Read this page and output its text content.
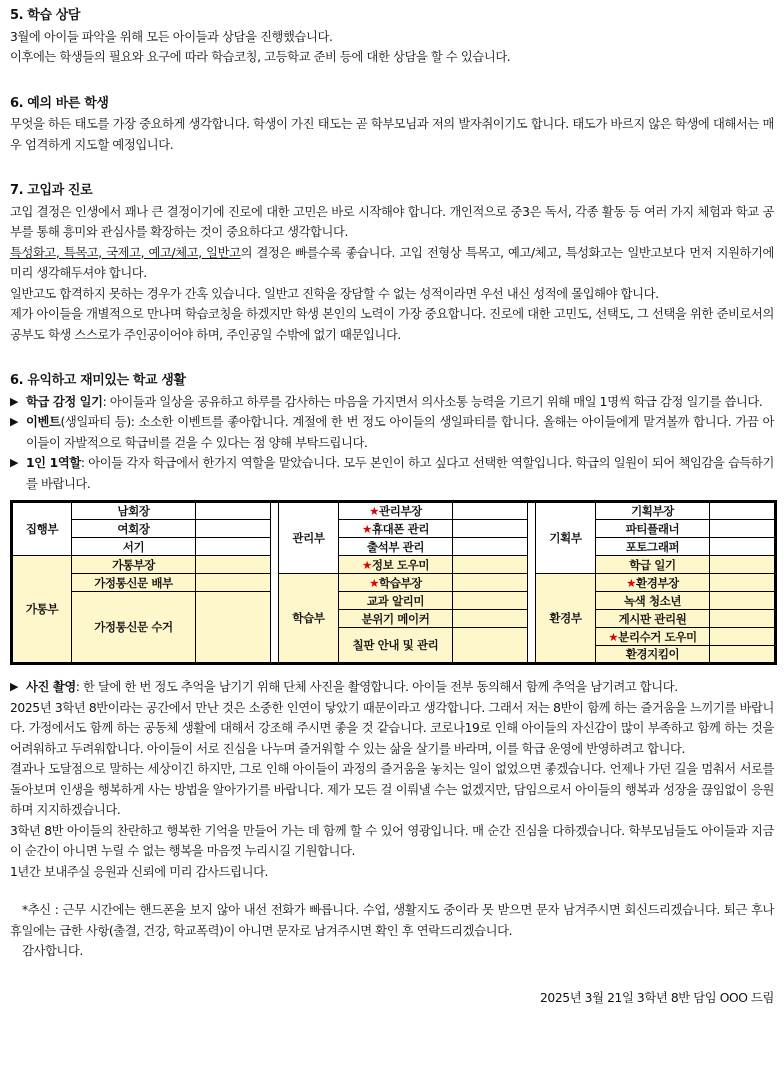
5. 학습 상담

3월에 아이들 파악을 위해 모든 아이들과 상담을 진행했습니다.

이후에는 학생들의 필요와 요구에 따라 학습코칭, 고등학교 준비 등에 대한 상담을 할 수 있습니다.

6. 예의 바른 학생

무엇을 하든 태도를 가장 중요하게 생각합니다. 학생이 가진 태도는 곧 학부모님과 저의 발자취이기도 합니다. 태도가 바르지 않은 학생에 대해서는 매우 엄격하게 지도할 예정입니다.

7. 고입과 진로

고입 결정은 인생에서 꽤나 큰 결정이기에 진로에 대한 고민은 바로 시작해야 합니다. 개인적으로 중3은 독서, 각종 활동 등 여러 가지 체험과 학교 공부를 통해 흥미와 관심사를 확장하는 것이 중요하다고 생각합니다.

특성화고, 특목고, 국제고, 예고/체고, 일반고의 결정은 빠를수록 좋습니다. 고입 전형상 특목고, 예고/체고, 특성화고는 일반고보다 먼저 지원하기에 미리 생각해두셔야 합니다.

일반고도 합격하지 못하는 경우가 간혹 있습니다. 일반고 진학을 장담할 수 없는 성적이라면 우선 내신 성적에 몰입해야 합니다.

제가 아이들을 개별적으로 만나며 학습코칭을 하겠지만 학생 본인의 노력이 가장 중요합니다. 진로에 대한 고민도, 선택도, 그 선택을 위한 준비로서의 공부도 학생 스스로가 주인공이어야 하며, 주인공일 수밖에 없기 때문입니다.

6. 유익하고 재미있는 학교 생활
▶ 학급 감정 일기: 아이들과 일상을 공유하고 하루를 감사하는 마음을 가지면서 의사소통 능력을 기르기 위해 매일 1명씩 학급 감정 일기를 씁니다.
▶ 이벤트(생일파티 등): 소소한 이벤트를 좋아합니다. 계절에 한 번 정도 아이들의 생일파티를 합니다. 올해는 아이들에게 맡겨볼까 합니다. 가끔 아이들이 자발적으로 학급비를 걷을 수 있다는 점 양해 부탁드립니다.
▶ 1인 1역할: 아이들 각자 학급에서 한가지 역할을 맡았습니다. 모두 본인이 하고 싶다고 선택한 역할입니다. 학급의 일원이 되어 책임감을 습득하기를 바랍니다.
집행부	남회장			관리부	★관리부장			기획부	기획부장	
	여회장				★휴대폰 관리				파티플래너	
	서기				출석부 관리				포토그래퍼	
가통부	가통부장				★정보 도우미				학급 일기	
	가정통신문 배부			학습부	★학습부장			환경부	★환경부장	
	가정통신문 수거				교과 알리미				녹색 청소년	
					분위기 메이커				게시판 관리원	
					칠판 안내 및 관리				★분리수거 도우미	
									환경지킴이	
▶ 사진 촬영: 한 달에 한 번 정도 추억을 남기기 위해 단체 사진을 촬영합니다. 아이들 전부 동의해서 함께 추억을 남기려고 합니다.

2025년 3학년 8반이라는 공간에서 만난 것은 소중한 인연이 닿았기 때문이라고 생각합니다. 그래서 저는 8반이 함께 하는 즐거움을 느끼기를 바랍니다. 가정에서도 함께 하는 공동체 생활에 대해서 강조해 주시면 좋을 것 같습니다. 코로나19로 인해 아이들의 자신감이 많이 부족하고 함께 하는 것을 어려워하고 두려워합니다. 아이들이 서로 진심을 나누며 즐거워할 수 있는 삶을 살기를 바라며, 이를 학급 운영에 반영하려고 합니다.

결과나 도달점으로 말하는 세상이긴 하지만, 그로 인해 아이들이 과정의 즐거움을 놓치는 일이 없었으면 좋겠습니다. 언제나 가던 길을 멈춰서 서로를 돌아보며 인생을 행복하게 사는 방법을 알아가기를 바랍니다. 제가 모든 걸 이뤄낼 수는 없겠지만, 담임으로서 아이들의 행복과 성장을 끊임없이 응원하며 지지하겠습니다.

3학년 8반 아이들의 찬란하고 행복한 기억을 만들어 가는 데 함께 할 수 있어 영광입니다. 매 순간 진심을 다하겠습니다. 학부모님들도 아이들과 지금 이 순간이 아니면 누릴 수 없는 행복을 마음껏 누리시길 기원합니다.

1년간 보내주실 응원과 신뢰에 미리 감사드립니다.

*추신 : 근무 시간에는 핸드폰을 보지 않아 내선 전화가 빠릅니다. 수업, 생활지도 중이라 못 받으면 문자 남겨주시면 회신드리겠습니다. 퇴근 후나 휴일에는 급한 사항(출결, 건강, 학교폭력)이 아니면 문자로 남겨주시면 확인 후 연락드리겠습니다.

감사합니다.

2025년 3월 21일 3학년 8반 담임 OOO 드림
